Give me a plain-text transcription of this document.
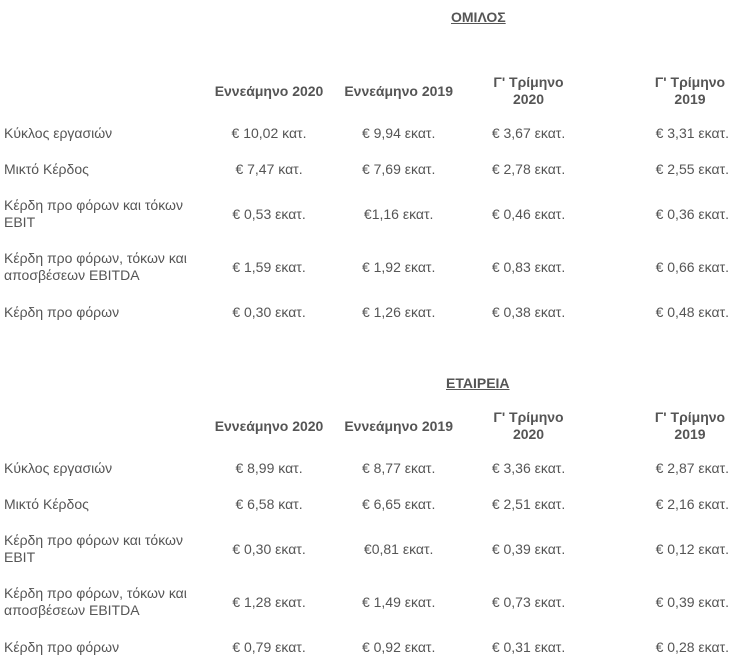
ΟΜΙΛΟΣ
	Εννεάμηνο 2020	Εννεάμηνο 2019	Γ' Τρίμηνο 2020	Γ' Τρίμηνο 2019
Κύκλος εργασιών	€ 10,02 κατ.	€ 9,94 εκατ.	€ 3,67 εκατ.	€ 3,31 εκατ.
Μικτό Κέρδος	€ 7,47 κατ.	€ 7,69 εκατ.	€ 2,78 εκατ.	€ 2,55 εκατ.
Κέρδη προ φόρων και τόκων EBIT	€ 0,53 εκατ.	€1,16 εκατ.	€ 0,46 εκατ.	€ 0,36 εκατ.
Κέρδη προ φόρων, τόκων και αποσβέσεων EBITDA	€ 1,59 εκατ.	€ 1,92 εκατ.	€ 0,83 εκατ.	€ 0,66 εκατ.
Κέρδη προ φόρων	€ 0,30 εκατ.	€ 1,26 εκατ.	€ 0,38 εκατ.	€ 0,48 εκατ.
ΕΤΑΙΡΕΙΑ
	Εννεάμηνο 2020	Εννεάμηνο 2019	Γ' Τρίμηνο 2020	Γ' Τρίμηνο 2019
Κύκλος εργασιών	€ 8,99 κατ.	€ 8,77 εκατ.	€ 3,36 εκατ.	€ 2,87 εκατ.
Μικτό Κέρδος	€ 6,58 κατ.	€ 6,65 εκατ.	€ 2,51 εκατ.	€ 2,16 εκατ.
Κέρδη προ φόρων και τόκων EBIT	€ 0,30 εκατ.	€0,81 εκατ.	€ 0,39 εκατ.	€ 0,12 εκατ.
Κέρδη προ φόρων, τόκων και αποσβέσεων EBITDA	€ 1,28 εκατ.	€ 1,49 εκατ.	€ 0,73 εκατ.	€ 0,39 εκατ.
Κέρδη προ φόρων	€ 0,79 εκατ.	€ 0,92 εκατ.	€ 0,31 εκατ.	€ 0,28 εκατ.
